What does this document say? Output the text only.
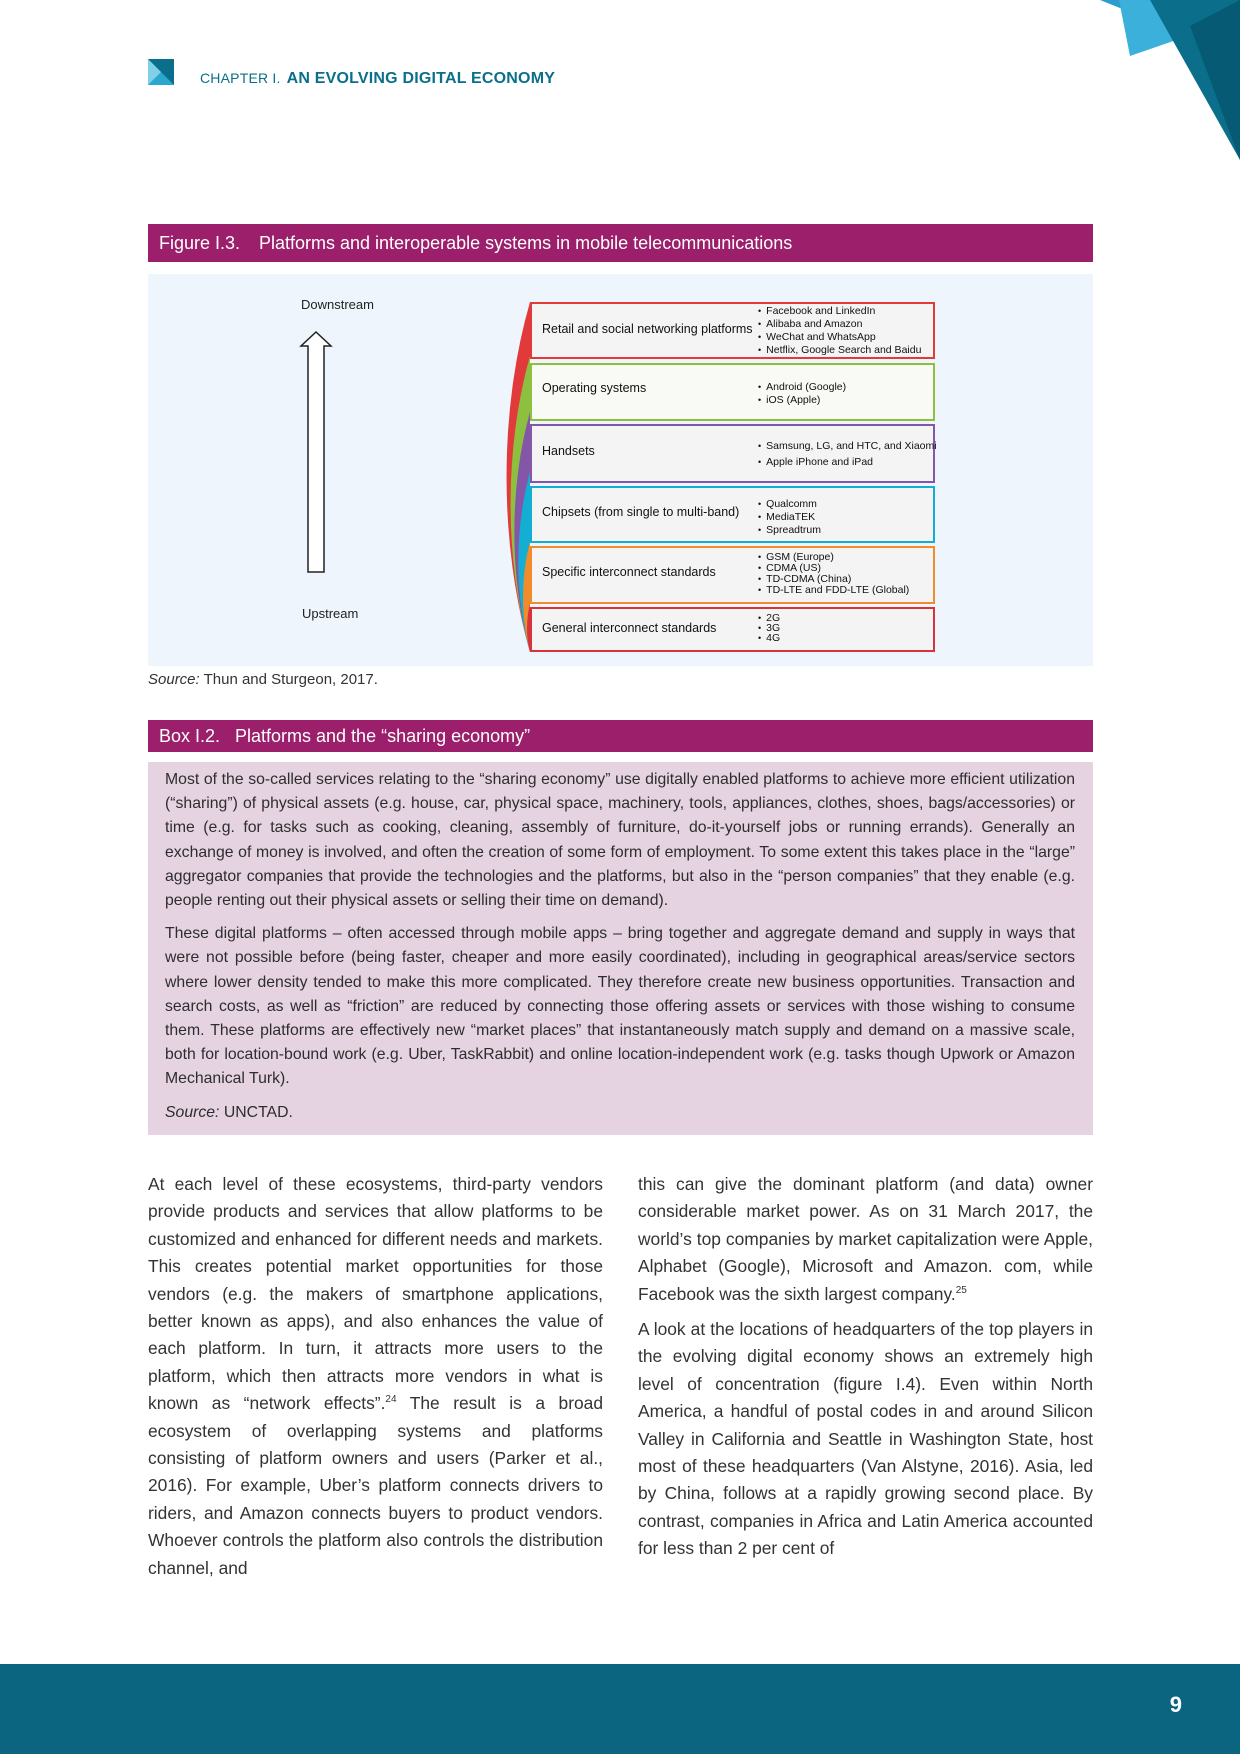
CHAPTER I. AN EVOLVING DIGITAL ECONOMY
Figure I.3. Platforms and interoperable systems in mobile telecommunications
Downstream
Upstream
Retail and social networking platforms
• Facebook and LinkedIn
• Alibaba and Amazon
• WeChat and WhatsApp
• Netflix, Google Search and Baidu
Operating systems	• Android (Google)
• iOS (Apple)
Handsets	• Samsung, LG, and HTC, and Xiaomi
• Apple iPhone and iPad
Chipsets (from single to multi-band)
• Qualcomm
• MediaTEK
• Spreadtrum
Specific interconnect standards
• GSM (Europe)
• CDMA (US)
• TD-CDMA (China)
• TD-LTE and FDD-LTE (Global)
General interconnect standards
• 2G
• 3G
• 4G
Source: Thun and Sturgeon, 2017.
Box I.2. Platforms and the “sharing economy”

Most of the so-called services relating to the “sharing economy” use digitally enabled platforms to achieve more efficient utilization (“sharing”) of physical assets (e.g. house, car, physical space, machinery, tools, appliances, clothes, shoes, bags/accessories) or time (e.g. for tasks such as cooking, cleaning, assembly of furniture, do-it-yourself jobs or running errands). Generally an exchange of money is involved, and often the creation of some form of employment. To some extent this takes place in the “large” aggregator companies that provide the technologies and the platforms, but also in the “person companies” that they enable (e.g. people renting out their physical assets or selling their time on demand).

These digital platforms – often accessed through mobile apps – bring together and aggregate demand and supply in ways that were not possible before (being faster, cheaper and more easily coordinated), including in geographical areas/service sectors where lower density tended to make this more complicated. They therefore create new business opportunities. Transaction and search costs, as well as “friction” are reduced by connecting those offering assets or services with those wishing to consume them. These platforms are effectively new “market places” that instantaneously match supply and demand on a massive scale, both for location-bound work (e.g. Uber, TaskRabbit) and online location-independent work (e.g. tasks though Upwork or Amazon Mechanical Turk).

Source: UNCTAD.

At each level of these ecosystems, third-party vendors provide products and services that allow platforms to be customized and enhanced for different needs and markets. This creates potential market opportunities for those vendors (e.g. the makers of smartphone applications, better known as apps), and also enhances the value of each platform. In turn, it attracts more users to the platform, which then attracts more vendors in what is known as “network effects”.$^{24}$ The result is a broad ecosystem of overlapping systems and platforms consisting of platform owners and users (Parker et al., 2016). For example, Uber’s platform connects drivers to riders, and Amazon connects buyers to product vendors. Whoever controls the platform also controls the distribution channel, and

this can give the dominant platform (and data) owner considerable market power. As on 31 March 2017, the world’s top companies by market capitalization were Apple, Alphabet (Google), Microsoft and Amazon. com, while Facebook was the sixth largest company.$^{25}$

A look at the locations of headquarters of the top players in the evolving digital economy shows an extremely high level of concentration (figure I.4). Even within North America, a handful of postal codes in and around Silicon Valley in California and Seattle in Washington State, host most of these headquarters (Van Alstyne, 2016). Asia, led by China, follows at a rapidly growing second place. By contrast, companies in Africa and Latin America accounted for less than 2 per cent of

9
